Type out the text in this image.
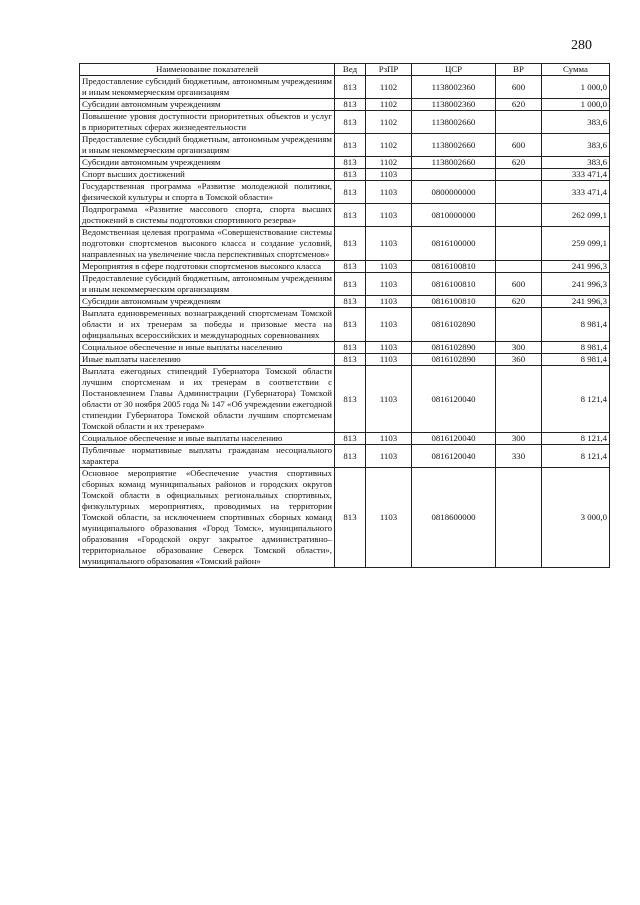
280
Наименование показателей	Вед	РзПР	ЦСР	ВР	Сумма
Предоставление субсидий бюджетным, автономным учреждениям и иным некоммерческим организациям	813	1102	1138002360	600	1 000,0
Субсидии автономным учреждениям	813	1102	1138002360	620	1 000,0
Повышение уровня доступности приоритетных объектов и услуг в приоритетных сферах жизнедеятельности	813	1102	1138002660		383,6
Предоставление субсидий бюджетным, автономным учреждениям и иным некоммерческим организациям	813	1102	1138002660	600	383,6
Субсидии автономным учреждениям	813	1102	1138002660	620	383,6
Спорт высших достижений	813	1103			333 471,4
Государственная программа «Развитие молодежной политики, физической культуры и спорта в Томской области»	813	1103	0800000000		333 471,4
Подпрограмма «Развитие массового спорта, спорта высших достижений в системы подготовки спортивного резерва»	813	1103	0810000000		262 099,1
Ведомственная целевая программа «Совершенствование системы подготовки спортсменов высокого класса и создание условий, направленных на увеличение числа перспективных спортсменов»	813	1103	0816100000		259 099,1
Мероприятия в сфере подготовки спортсменов высокого класса	813	1103	0816100810		241 996,3
Предоставление субсидий бюджетным, автономным учреждениям и иным некоммерческим организациям	813	1103	0816100810	600	241 996,3
Субсидии автономным учреждениям	813	1103	0816100810	620	241 996,3
Выплата единовременных вознаграждений спортсменам Томской области и их тренерам за победы и призовые места на официальных всероссийских и международных соревнованиях	813	1103	0816102890		8 981,4
Социальное обеспечение и иные выплаты населению	813	1103	0816102890	300	8 981,4
Иные выплаты населению	813	1103	0816102890	360	8 981,4
Выплата ежегодных стипендий Губернатора Томской области лучшим спортсменам и их тренерам в соответствии с Постановлением Главы Администрации (Губернатора) Томской области от 30 ноября 2005 года № 147 «Об учреждении ежегодной стипендии Губернатора Томской области лучшим спортсменам Томской области и их тренерам»	813	1103	0816120040		8 121,4
Социальное обеспечение и иные выплаты населению	813	1103	0816120040	300	8 121,4
Публичные нормативные выплаты гражданам несоциального характера	813	1103	0816120040	330	8 121,4
Основное мероприятие «Обеспечение участия спортивных сборных команд муниципальных районов и городских округов Томской области в официальных региональных спортивных, физкультурных мероприятиях, проводимых на территории Томской области, за исключением спортивных сборных команд муниципального образования «Город Томск», муниципального образования «Городской округ закрытое административно–территориальное образование Северск Томской области», муниципального образования «Томский район»	813	1103	0818600000		3 000,0
